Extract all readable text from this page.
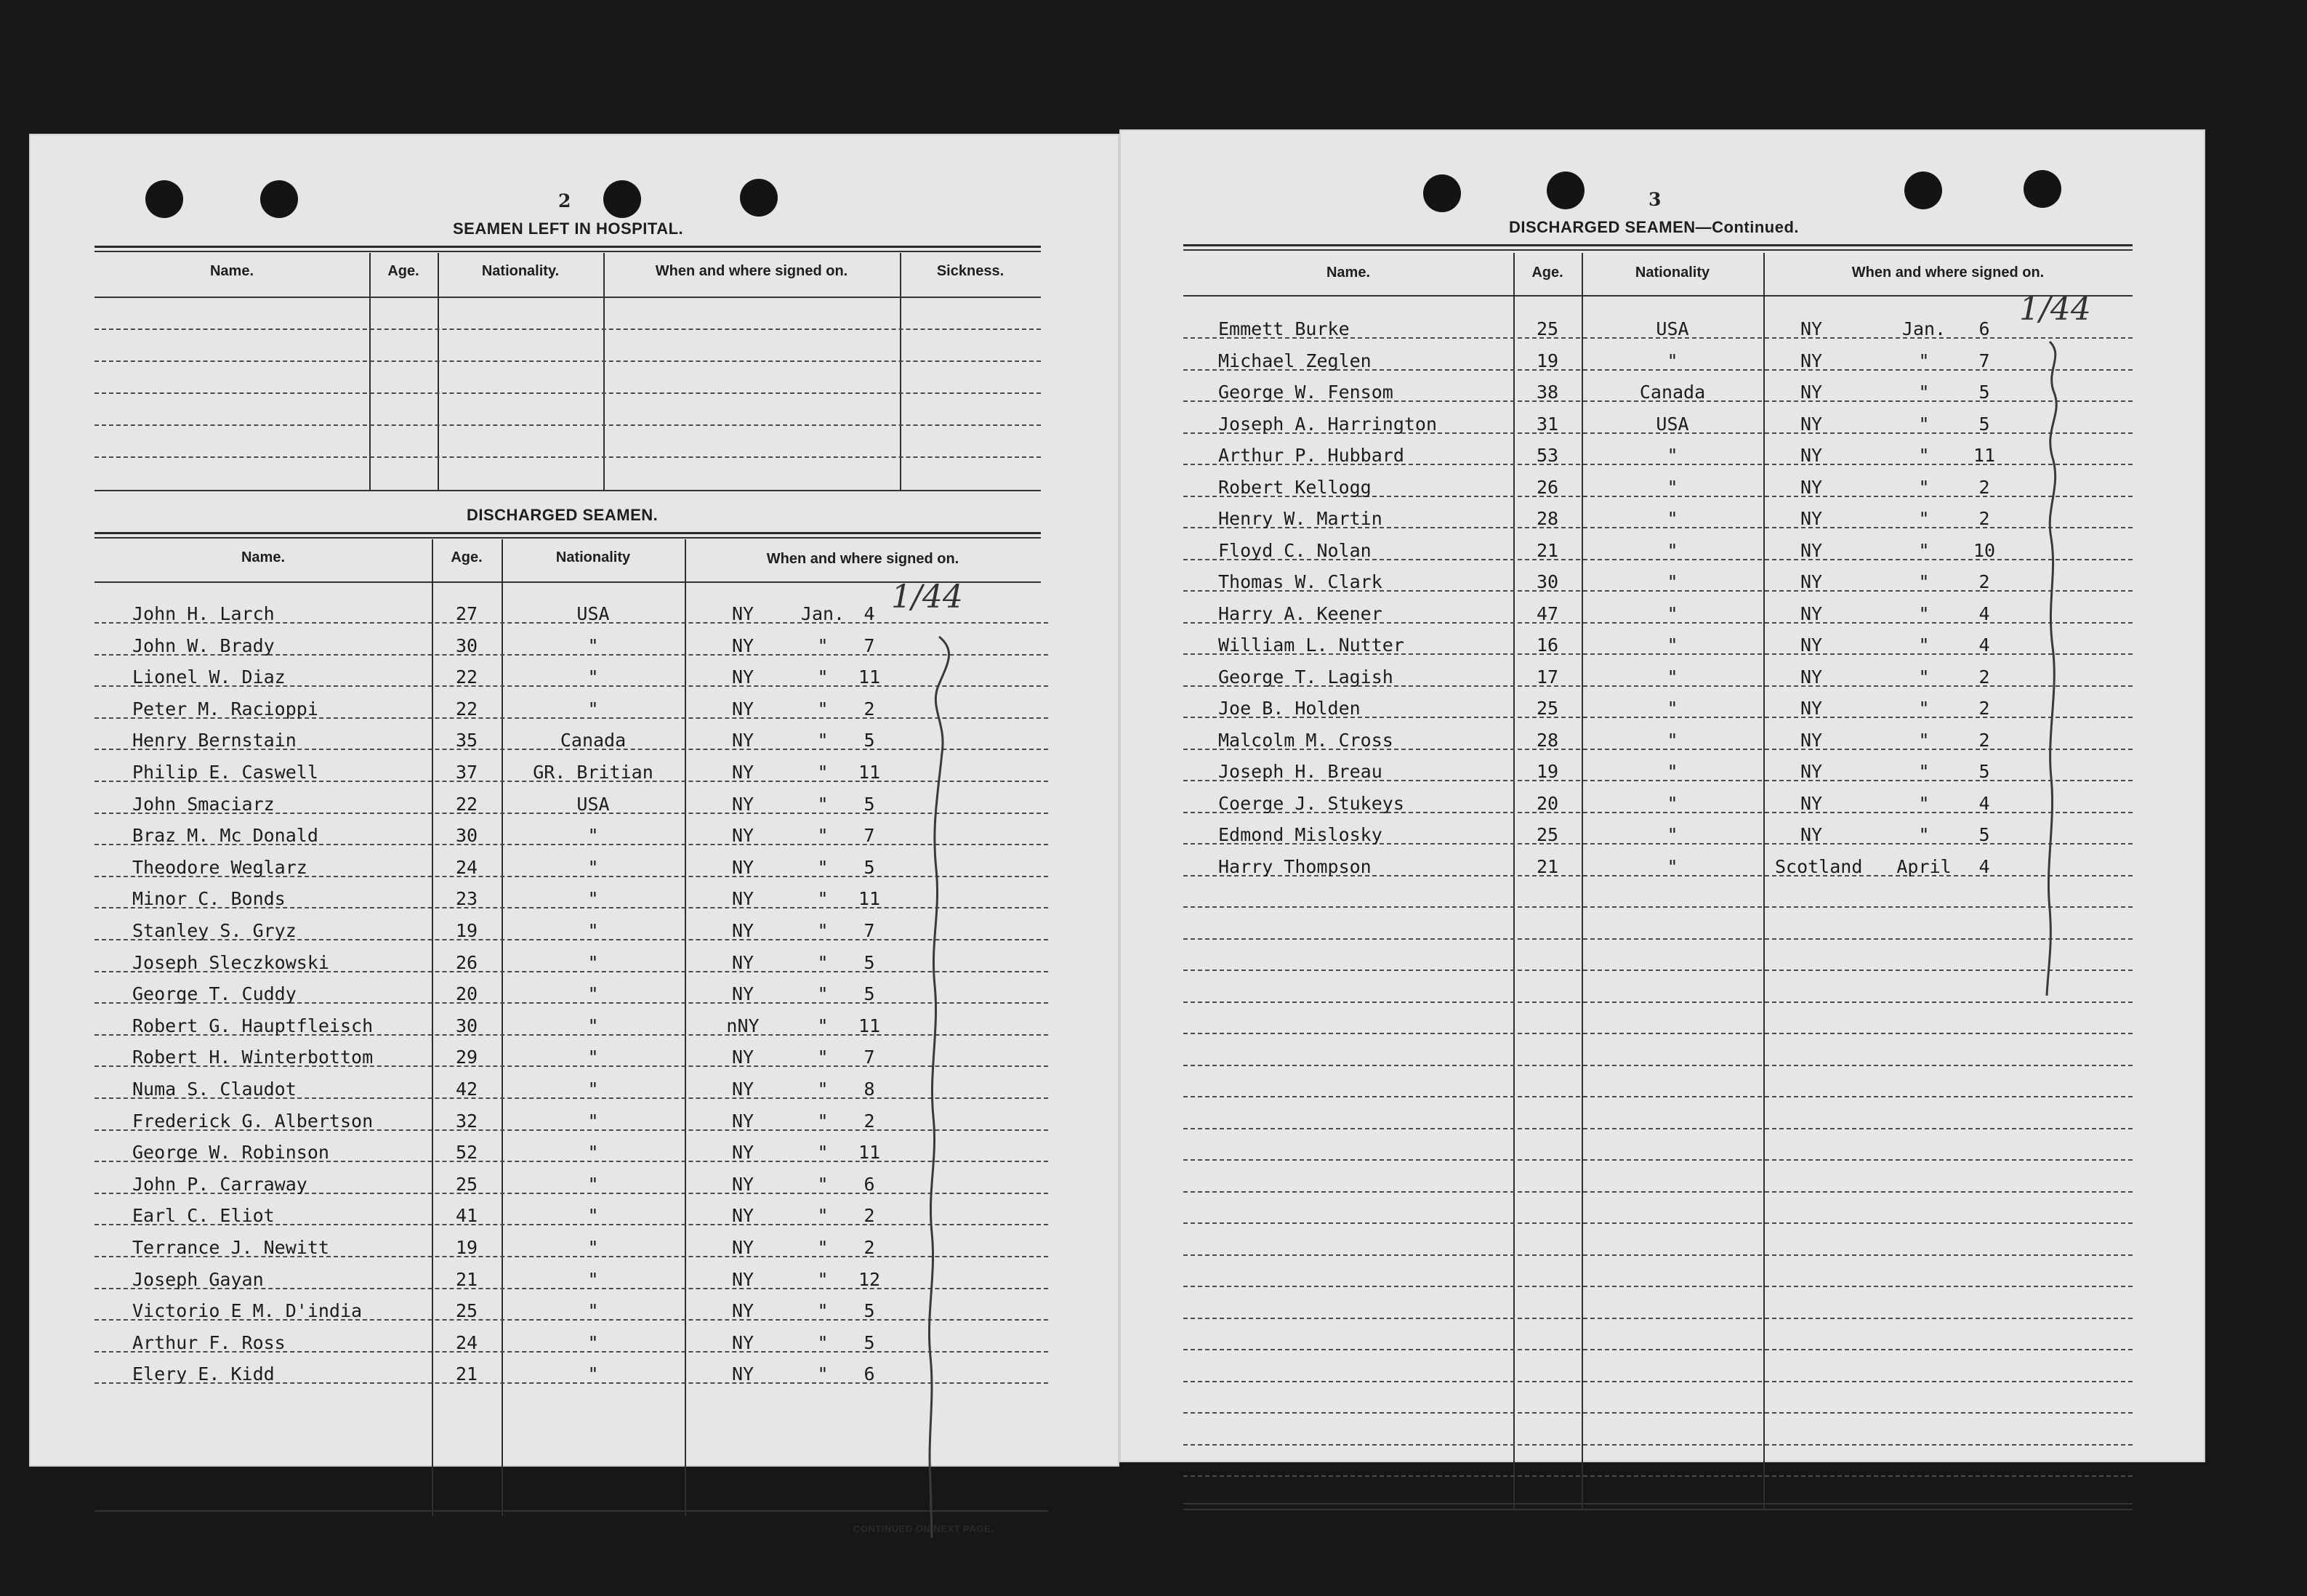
2
SEAMEN LEFT IN HOSPITAL.
Name.	Age.	Nationality.	When and where signed on.	Sickness.
DISCHARGED SEAMEN.
Name.	Age.	Nationality	When and where signed on.
John H. Larch	27	USA	NY	Jan.	4
John W. Brady	30	"	NY	"	7
Lionel W. Diaz	22	"	NY	"	11
Peter M. Racioppi	22	"	NY	"	2
Henry Bernstain	35	Canada	NY	"	5
Philip E. Caswell	37	GR. Britian	NY	"	11
John Smaciarz	22	USA	NY	"	5
Braz M. Mc Donald	30	"	NY	"	7
Theodore Weglarz	24	"	NY	"	5
Minor C. Bonds	23	"	NY	"	11
Stanley S. Gryz	19	"	NY	"	7
Joseph Sleczkowski	26	"	NY	"	5
George T. Cuddy	20	"	NY	"	5
Robert G. Hauptfleisch	30	"	nNY	"	11
Robert H. Winterbottom	29	"	NY	"	7
Numa S. Claudot	42	"	NY	"	8
Frederick G. Albertson	32	"	NY	"	2
George W. Robinson	52	"	NY	"	11
John P. Carraway	25	"	NY	"	6
Earl C. Eliot	41	"	NY	"	2
Terrance J. Newitt	19	"	NY	"	2
Joseph Gayan	21	"	NY	"	12
Victorio E M. D'india	25	"	NY	"	5
Arthur F. Ross	24	"	NY	"	5
Elery E. Kidd	21	"	NY	"	6
1/44
CONTINUED ON NEXT PAGE.
3
DISCHARGED SEAMEN—Continued.
Name.	Age.	Nationality	When and where signed on.
Emmett Burke	25	USA	NY	Jan.	6
Michael Zeglen	19	"	NY	"	7
George W. Fensom	38	Canada	NY	"	5
Joseph A. Harrington	31	USA	NY	"	5
Arthur P. Hubbard	53	"	NY	"	11
Robert Kellogg	26	"	NY	"	2
Henry W. Martin	28	"	NY	"	2
Floyd C. Nolan	21	"	NY	"	10
Thomas W. Clark	30	"	NY	"	2
Harry A. Keener	47	"	NY	"	4
William L. Nutter	16	"	NY	"	4
George T. Lagish	17	"	NY	"	2
Joe B. Holden	25	"	NY	"	2
Malcolm M. Cross	28	"	NY	"	2
Joseph H. Breau	19	"	NY	"	5
Coerge J. Stukeys	20	"	NY	"	4
Edmond Mislosky	25	"	NY	"	5
Harry Thompson	21	"	Scotland	April	4
1/44
